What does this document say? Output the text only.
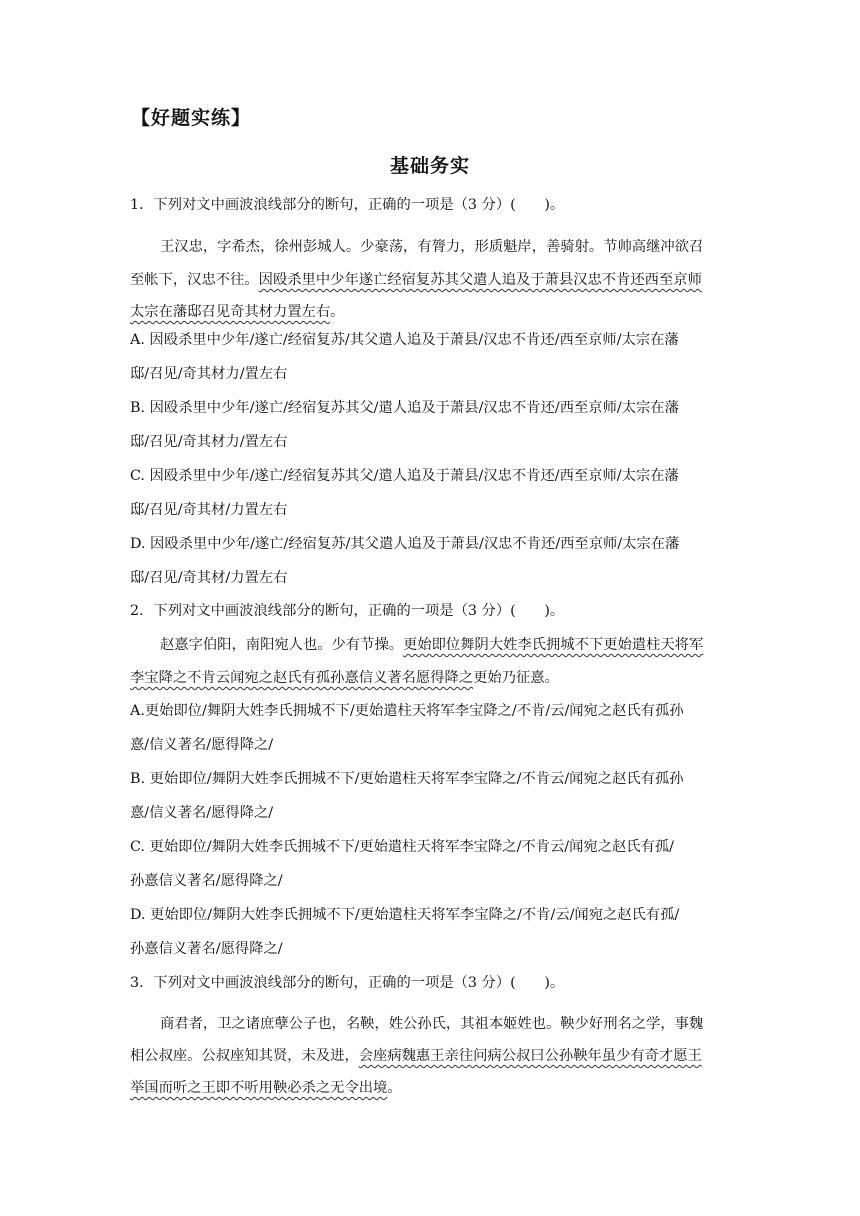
【好题实练】
基础务实
1．下列对文中画波浪线部分的断句，正确的一项是（3 分）(　　)。
王汉忠，字希杰，徐州彭城人。少豪荡，有膂力，形质魁岸，善骑射。节帅高继冲欲召
至帐下，汉忠不往。因殴杀里中少年遂亡经宿复苏其父遣人追及于萧县汉忠不肯还西至京师
太宗在藩邸召见奇其材力置左右。
A. 因殴杀里中少年/遂亡/经宿复苏/其父遣人追及于萧县/汉忠不肯还/西至京师/太宗在藩
邸/召见/奇其材力/置左右
B. 因殴杀里中少年/遂亡/经宿复苏其父/遣人追及于萧县/汉忠不肯还/西至京师/太宗在藩
邸/召见/奇其材力/置左右
C. 因殴杀里中少年/遂亡/经宿复苏其父/遣人追及于萧县/汉忠不肯还/西至京师/太宗在藩
邸/召见/奇其材/力置左右
D. 因殴杀里中少年/遂亡/经宿复苏/其父遣人追及于萧县/汉忠不肯还/西至京师/太宗在藩
邸/召见/奇其材/力置左右
2．下列对文中画波浪线部分的断句，正确的一项是（3 分）(　　)。
赵憙字伯阳，南阳宛人也。少有节操。更始即位舞阴大姓李氏拥城不下更始遣柱天将军
李宝降之不肯云闻宛之赵氏有孤孙憙信义著名愿得降之更始乃征憙。
A.更始即位/舞阴大姓李氏拥城不下/更始遣柱天将军李宝降之/不肯/云/闻宛之赵氏有孤孙
憙/信义著名/愿得降之/
B. 更始即位/舞阴大姓李氏拥城不下/更始遣柱天将军李宝降之/不肯云/闻宛之赵氏有孤孙
憙/信义著名/愿得降之/
C. 更始即位/舞阴大姓李氏拥城不下/更始遣柱天将军李宝降之/不肯云/闻宛之赵氏有孤/
孙憙信义著名/愿得降之/
D. 更始即位/舞阴大姓李氏拥城不下/更始遣柱天将军李宝降之/不肯/云/闻宛之赵氏有孤/
孙憙信义著名/愿得降之/
3．下列对文中画波浪线部分的断句，正确的一项是（3 分）(　　)。
商君者，卫之诸庶孽公子也，名鞅，姓公孙氏，其祖本姬姓也。鞅少好刑名之学，事魏
相公叔座。公叔座知其贤，未及进，会座病魏惠王亲往问病公叔曰公孙鞅年虽少有奇才愿王
举国而听之王即不听用鞅必杀之无令出境。
